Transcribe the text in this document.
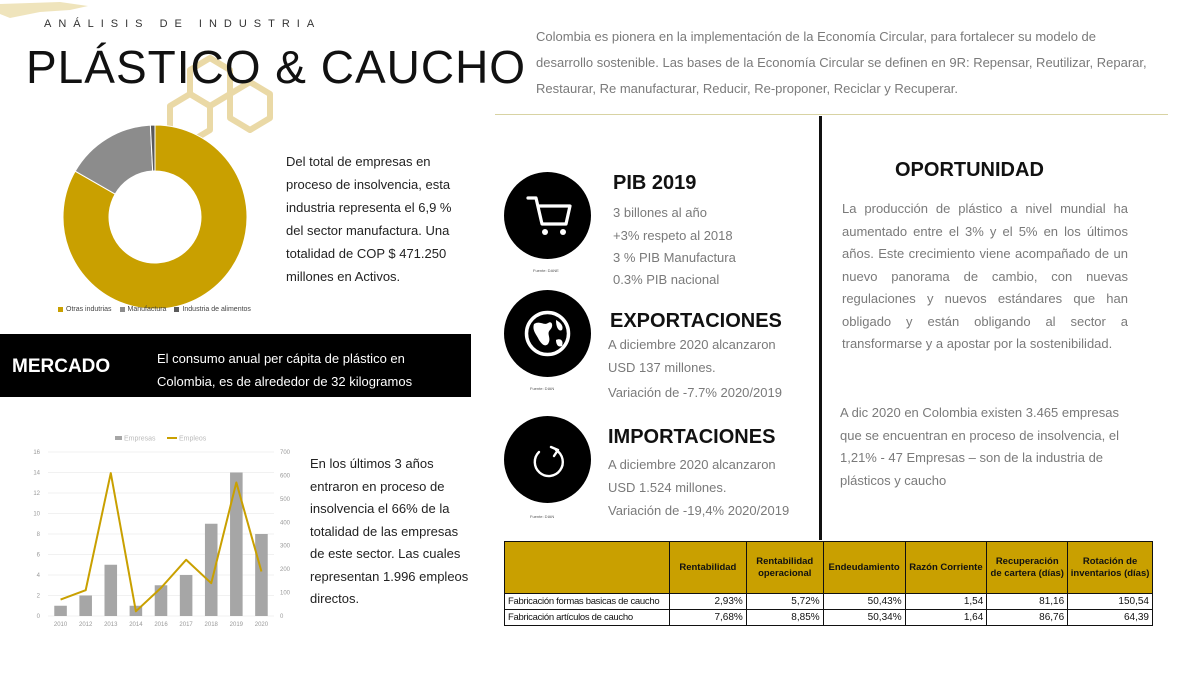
ANÁLISIS DE INDUSTRIA
PLÁSTICO & CAUCHO
Colombia es pionera en la implementación de la Economía Circular, para fortalecer su modelo de desarrollo sostenible. Las bases de la Economía Circular se definen en 9R: Repensar, Reutilizar, Reparar, Restaurar, Re manufacturar, Reducir, Re-proponer, Reciclar y Recuperar.
Otras indutrias Manufactura Industria de alimentos
Del total de empresas en proceso de insolvencia, esta industria representa el 6,9 % del sector manufactura. Una totalidad de COP $ 471.250 millones en Activos.
MERCADO	El consumo anual per cápita de plástico en Colombia, es de alrededor de 32 kilogramos
0
2
4
6
8
10
12
14
16
0
100
200
300
400
500
600
700
2010 2012 2013 2014 2016 2017 2018 2019 2020
Empresas	Empleos
En los últimos 3 años entraron en proceso de insolvencia el 66% de la totalidad de las empresas de este sector. Las cuales representan 1.996 empleos directos.
Fuente: DANE
PIB 2019
3 billones al año
+3% respeto al 2018
3 % PIB Manufactura
0.3% PIB nacional
Fuente: DIAN
EXPORTACIONES
A diciembre 2020 alcanzaron
USD 137 millones.
Variación de -7.7% 2020/2019
Fuente: DIAN
IMPORTACIONES
A diciembre 2020 alcanzaron
USD 1.524 millones.
Variación de -19,4% 2020/2019
OPORTUNIDAD
La producción de plástico a nivel mundial ha aumentado entre el 3% y el 5% en los últimos años. Este crecimiento viene acompañado de un nuevo panorama de cambio, con nuevas regulaciones y nuevos estándares que han obligado y están obligando al sector a transformarse y a apostar por la sostenibilidad.
A dic 2020 en Colombia existen 3.465 empresas que se encuentran en proceso de insolvencia, el 1,21% - 47 Empresas – son de la industria de plásticos y caucho
	Rentabilidad	Rentabilidad operacional	Endeudamiento	Razón Corriente	Recuperación de cartera (días)	Rotación de inventarios (días)
Fabricación formas basicas de caucho	2,93%	5,72%	50,43%	1,54	81,16	150,54
Fabricación artículos de caucho	7,68%	8,85%	50,34%	1,64	86,76	64,39
